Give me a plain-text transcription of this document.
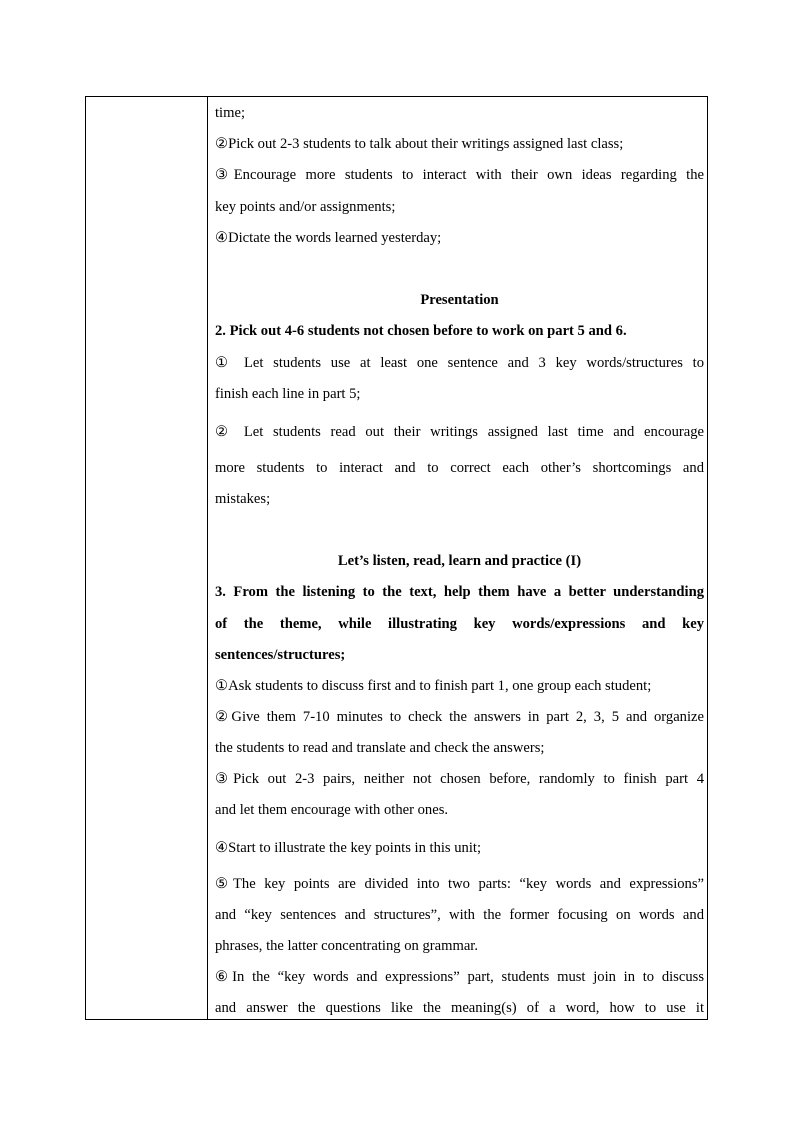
time;
②Pick out 2-3 students to talk about their writings assigned last class;
③Encourage more students to interact with their own ideas regarding the
key points and/or assignments;
④Dictate the words learned yesterday;
Presentation
2. Pick out 4-6 students not chosen before to work on part 5 and 6.
① Let students use at least one sentence and 3 key words/structures to
finish each line in part 5;
② Let students read out their writings assigned last time and encourage
more students to interact and to correct each other’s shortcomings and
mistakes;
Let’s listen, read, learn and practice (I)
3. From the listening to the text, help them have a better understanding
of the theme, while illustrating key words/expressions and key
sentences/structures;
①Ask students to discuss first and to finish part 1, one group each student;
②Give them 7-10 minutes to check the answers in part 2, 3, 5 and organize
the students to read and translate and check the answers;
③Pick out 2-3 pairs, neither not chosen before, randomly to finish part 4
and let them encourage with other ones.
④Start to illustrate the key points in this unit;
⑤The key points are divided into two parts: “key words and expressions”
and “key sentences and structures”, with the former focusing on words and
phrases, the latter concentrating on grammar.
⑥In the “key words and expressions” part, students must join in to discuss
and answer the questions like the meaning(s) of a word, how to use it
